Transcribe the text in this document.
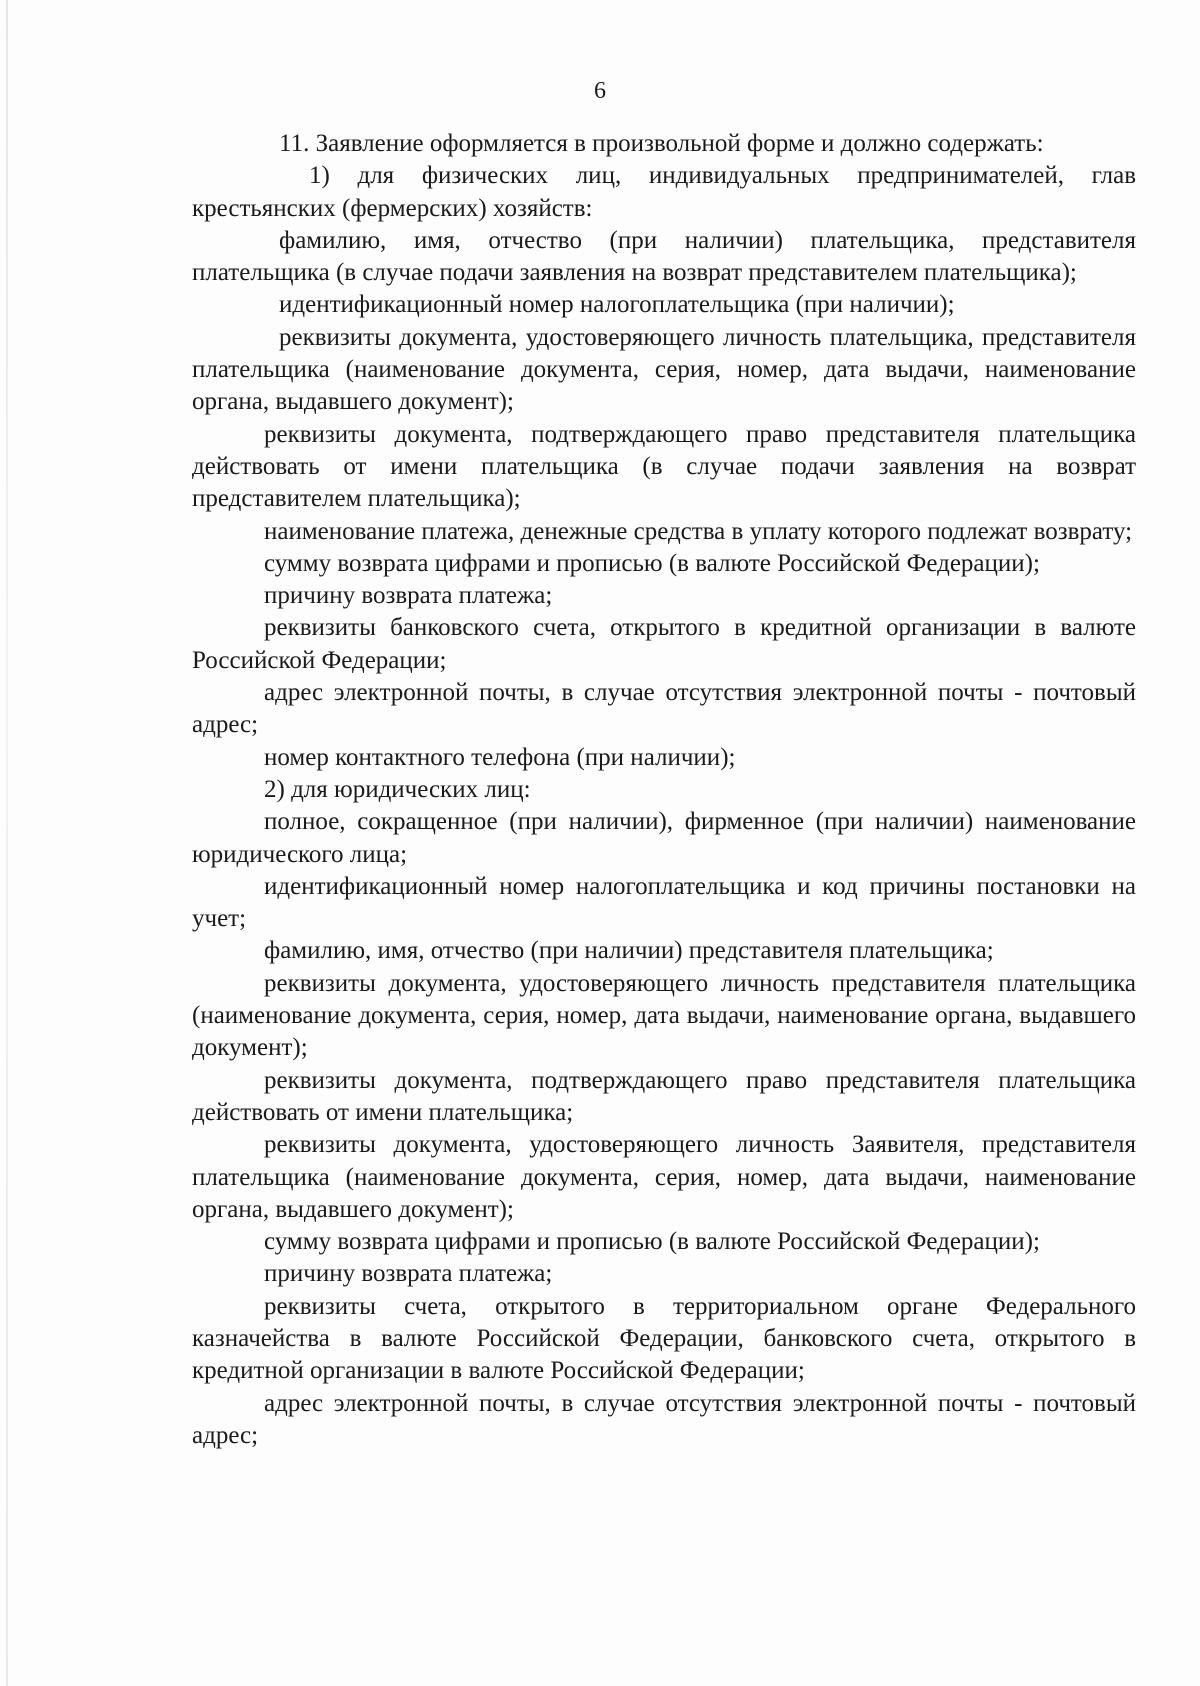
6

11. Заявление оформляется в произвольной форме и должно содержать:

1) для физических лиц, индивидуальных предпринимателей, глав крестьянских (фермерских) хозяйств:

фамилию, имя, отчество (при наличии) плательщика, представителя плательщика (в случае подачи заявления на возврат представителем плательщика);

идентификационный номер налогоплательщика (при наличии);

реквизиты документа, удостоверяющего личность плательщика, представителя плательщика (наименование документа, серия, номер, дата выдачи, наименование органа, выдавшего документ);

реквизиты документа, подтверждающего право представителя плательщика действовать от имени плательщика (в случае подачи заявления на возврат представителем плательщика);

наименование платежа, денежные средства в уплату которого подлежат возврату;

сумму возврата цифрами и прописью (в валюте Российской Федерации);

причину возврата платежа;

реквизиты банковского счета, открытого в кредитной организации в валюте Российской Федерации;

адрес электронной почты, в случае отсутствия электронной почты - почтовый адрес;

номер контактного телефона (при наличии);

2) для юридических лиц:

полное, сокращенное (при наличии), фирменное (при наличии) наименование юридического лица;

идентификационный номер налогоплательщика и код причины постановки на учет;

фамилию, имя, отчество (при наличии) представителя плательщика;

реквизиты документа, удостоверяющего личность представителя плательщика (наименование документа, серия, номер, дата выдачи, наименование органа, выдавшего документ);

реквизиты документа, подтверждающего право представителя плательщика действовать от имени плательщика;

реквизиты документа, удостоверяющего личность Заявителя, представителя плательщика (наименование документа, серия, номер, дата выдачи, наименование органа, выдавшего документ);

сумму возврата цифрами и прописью (в валюте Российской Федерации);

причину возврата платежа;

реквизиты счета, открытого в территориальном органе Федерального казначейства в валюте Российской Федерации, банковского счета, открытого в кредитной организации в валюте Российской Федерации;

адрес электронной почты, в случае отсутствия электронной почты - почтовый адрес;
